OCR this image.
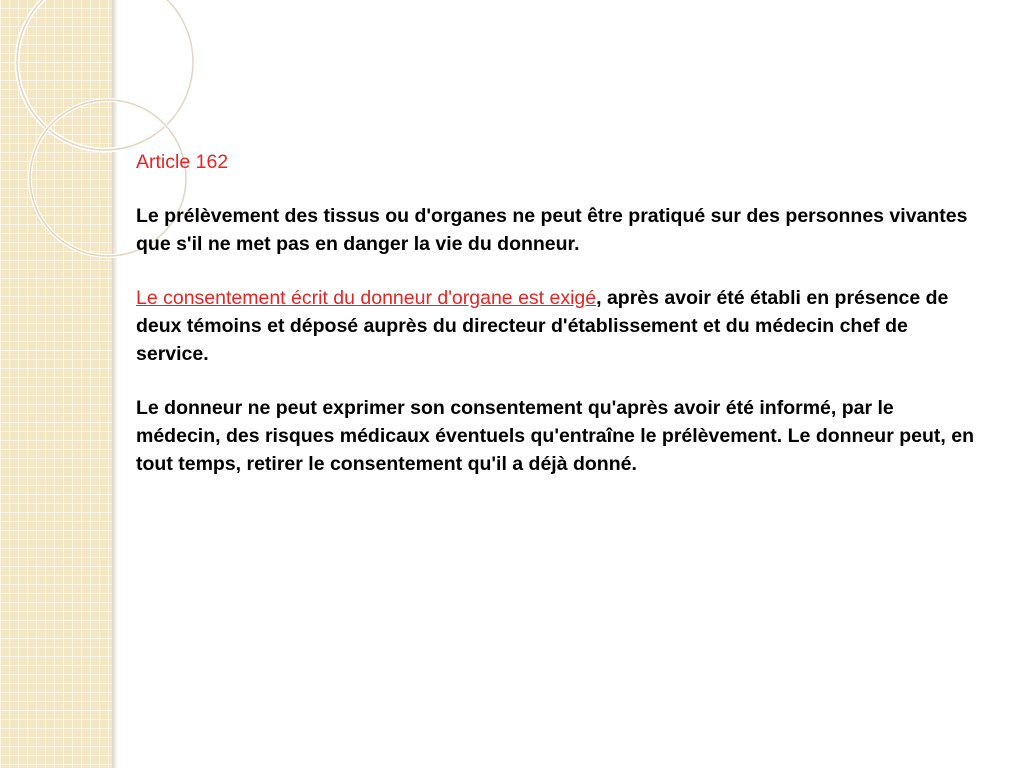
Article 162

Le prélèvement des tissus ou d'organes ne peut être pratiqué sur des personnes vivantes que s'il ne met pas en danger la vie du donneur.

Le consentement écrit du donneur d'organe est exigé, après avoir été établi en présence de deux témoins et déposé auprès du directeur d'établissement et du médecin chef de service.

Le donneur ne peut exprimer son consentement qu'après avoir été informé, par le médecin, des risques médicaux éventuels qu'entraîne le prélèvement. Le donneur peut, en tout temps, retirer le consentement qu'il a déjà donné.
